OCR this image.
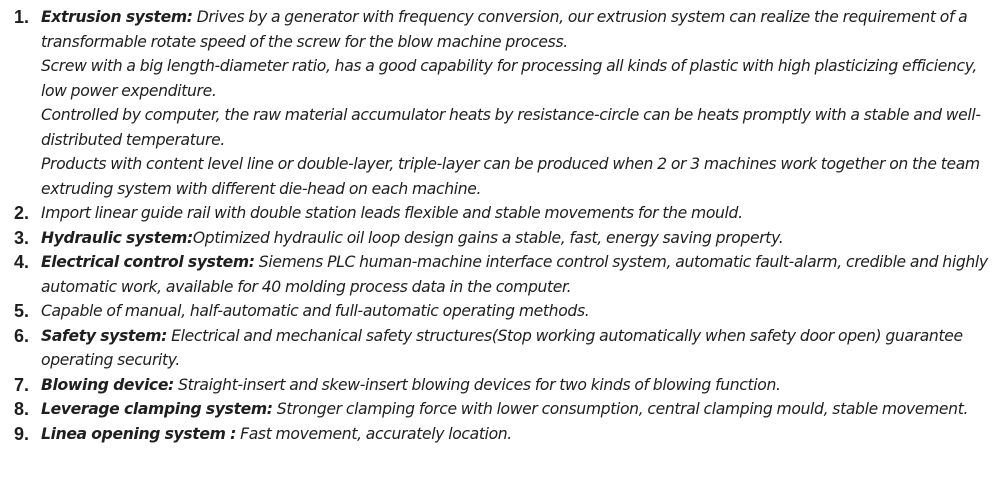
1. Extrusion system: Drives by a generator with frequency conversion, our extrusion system can realize the requirement of a transformable rotate speed of the screw for the blow machine process.

Screw with a big length-diameter ratio, has a good capability for processing all kinds of plastic with high plasticizing efficiency, low power expenditure.

Controlled by computer, the raw material accumulator heats by resistance-circle can be heats promptly with a stable and well-distributed temperature.

Products with content level line or double-layer, triple-layer can be produced when 2 or 3 machines work together on the team extruding system with different die-head on each machine.

2. Import linear guide rail with double station leads flexible and stable movements for the mould.

3. Hydraulic system:Optimized hydraulic oil loop design gains a stable, fast, energy saving property.

4. Electrical control system: Siemens PLC human-machine interface control system, automatic fault-alarm, credible and highly automatic work, available for 40 molding process data in the computer.

5. Capable of manual, half-automatic and full-automatic operating methods.

6. Safety system: Electrical and mechanical safety structures(Stop working automatically when safety door open) guarantee operating security.

7. Blowing device: Straight-insert and skew-insert blowing devices for two kinds of blowing function.

8. Leverage clamping system: Stronger clamping force with lower consumption, central clamping mould, stable movement.

9. Linea opening system : Fast movement, accurately location.
